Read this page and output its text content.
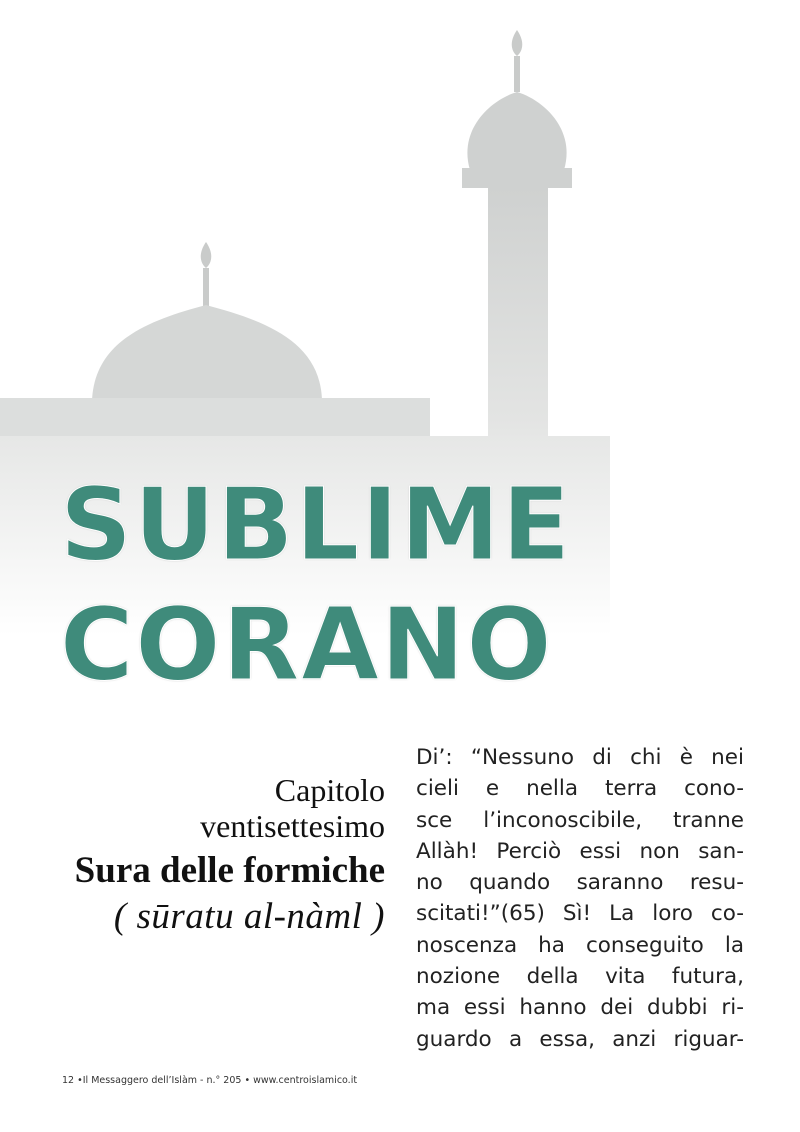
SUBLIME
CORANO

Capitolo

ventisettesimo

Sura delle formiche

( sūratu al-nàml )

Di’: “Nessuno di chi è nei
cieli e nella terra cono-
sce l’inconoscibile, tranne
Allàh! Perciò essi non san-
no quando saranno resu-
scitati!”(65) Sì! La loro co-
noscenza ha conseguito la
nozione della vita futura,
ma essi hanno dei dubbi ri-
guardo a essa, anzi riguar-
12 •Il Messaggero dell’Islàm - n.° 205 • www.centroislamico.it
